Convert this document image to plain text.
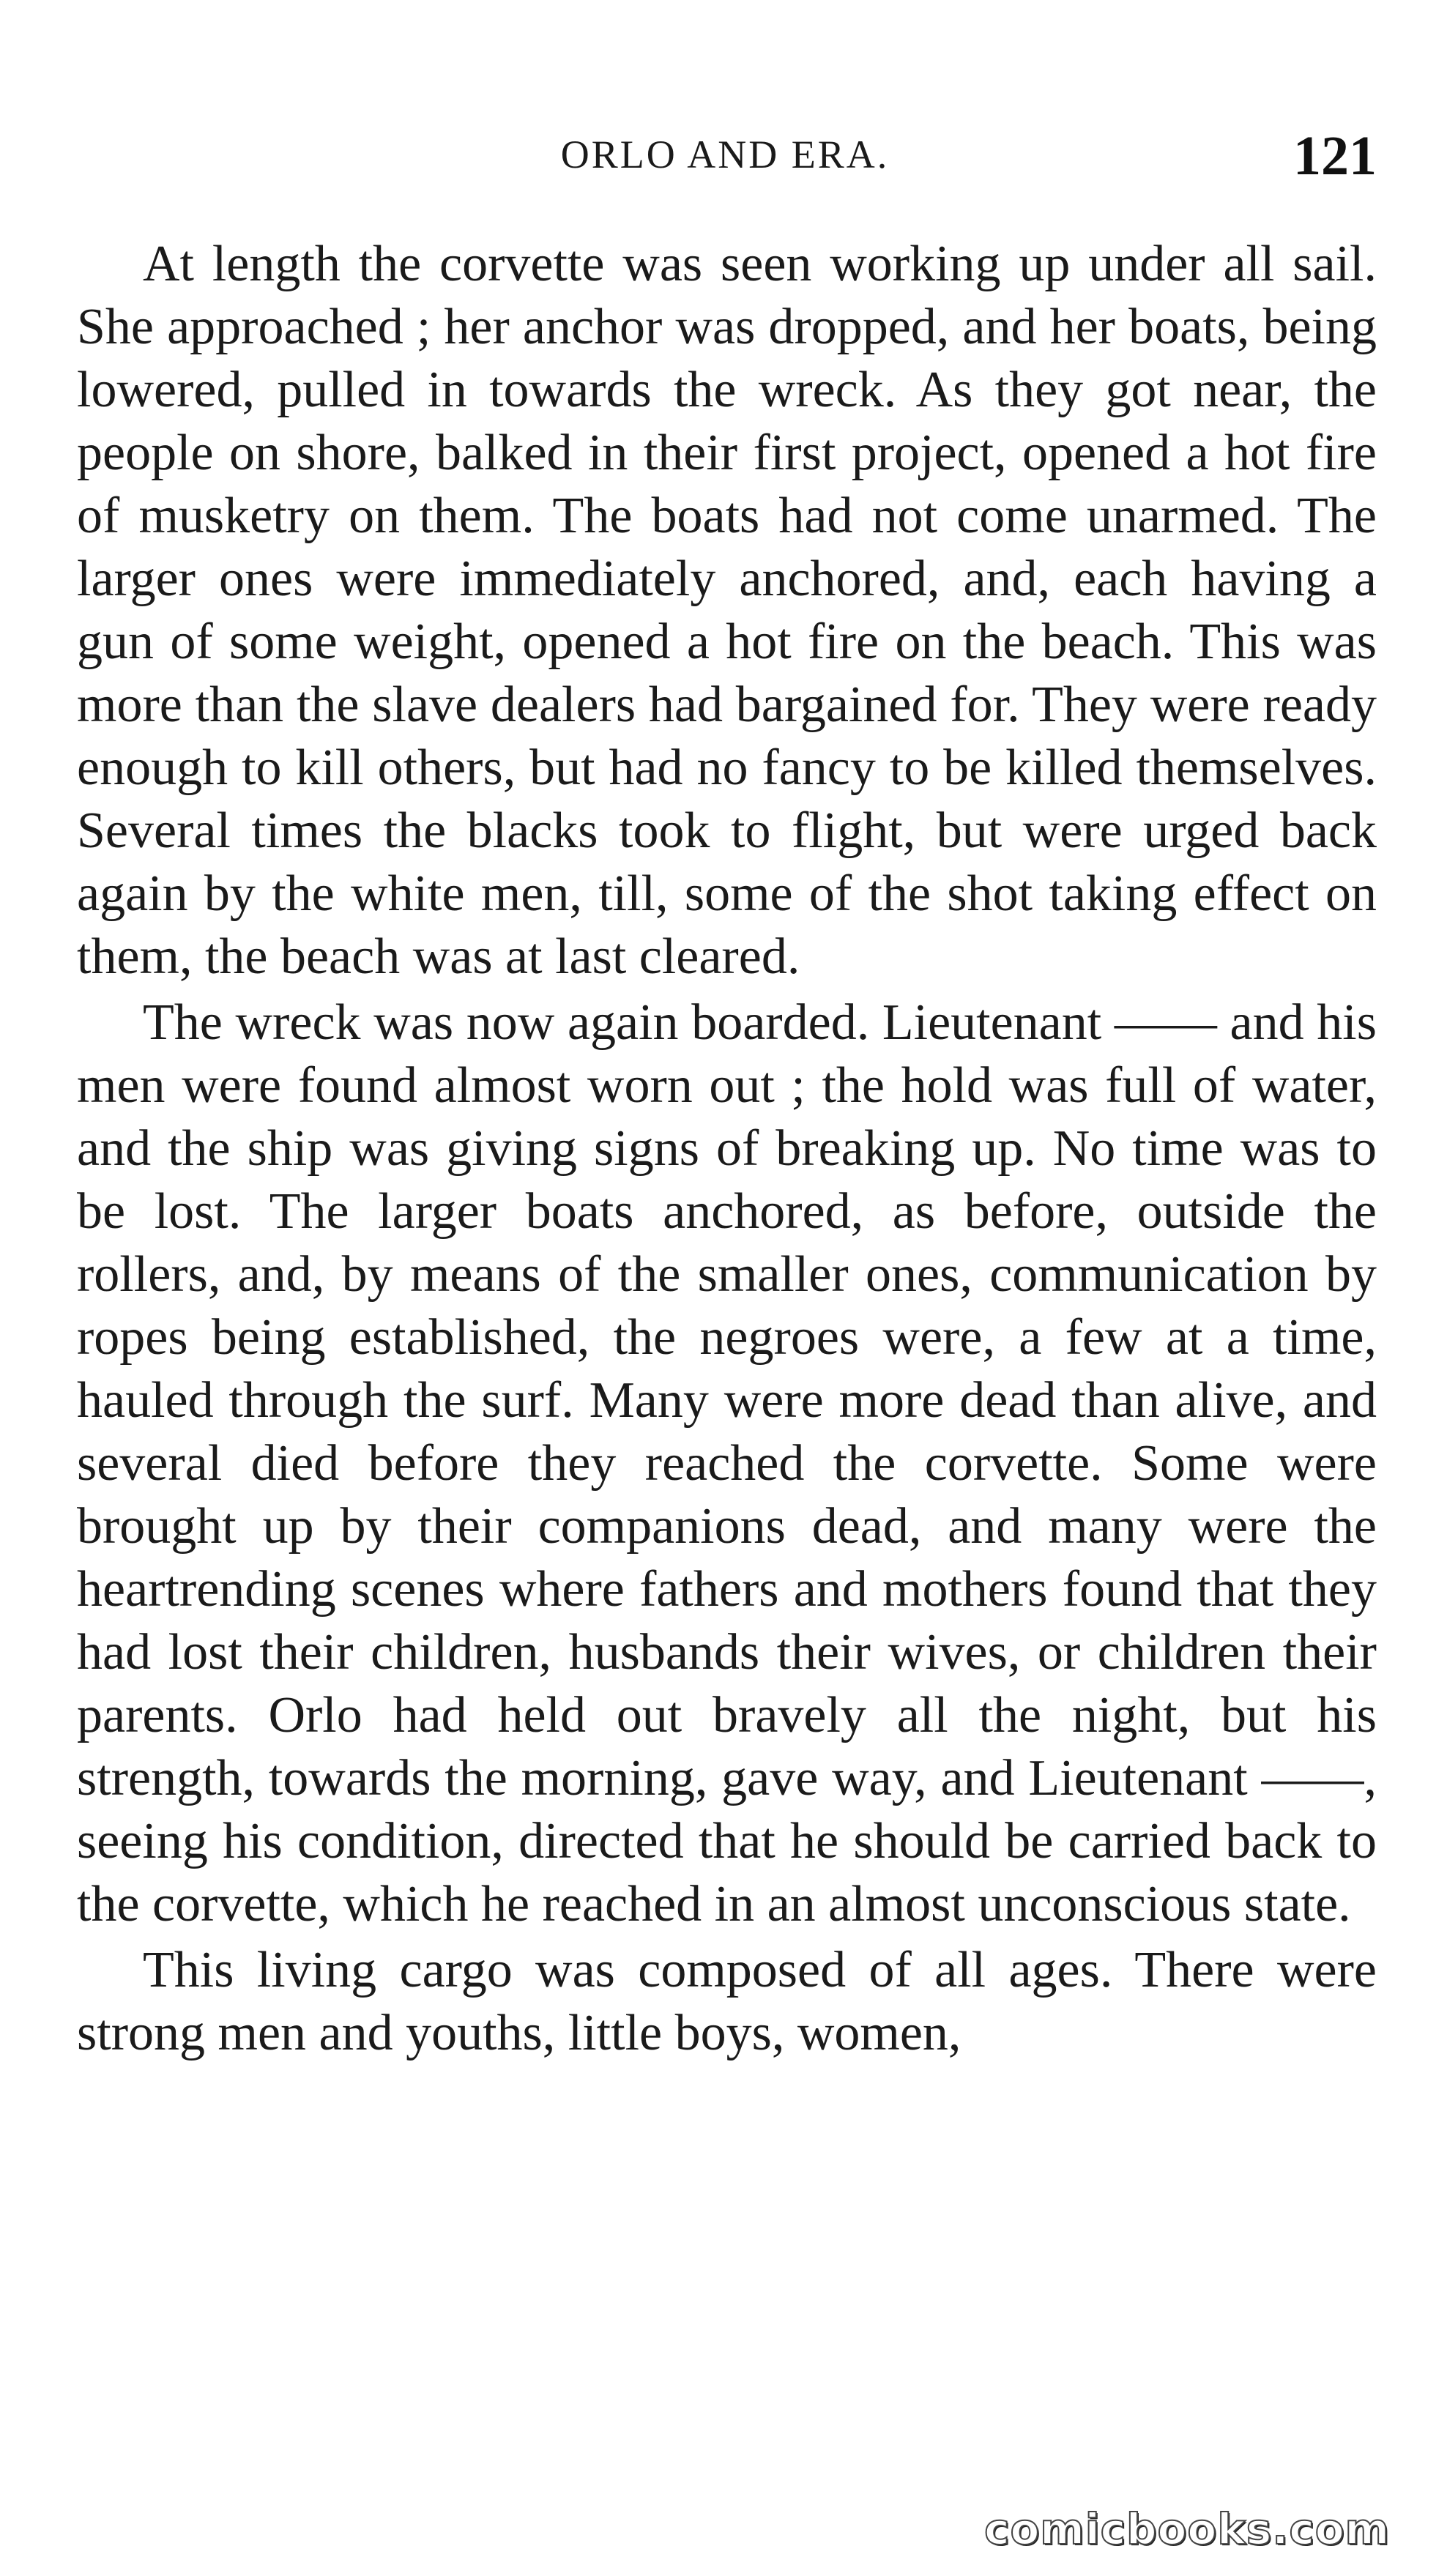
ORLO AND ERA.	121

At length the corvette was seen working up under all sail. She approached ; her anchor was dropped, and her boats, being lowered, pulled in towards the wreck. As they got near, the people on shore, balked in their first project, opened a hot fire of musketry on them. The boats had not come unarmed. The larger ones were immediately anchored, and, each having a gun of some weight, opened a hot fire on the beach. This was more than the slave dealers had bargained for. They were ready enough to kill others, but had no fancy to be killed themselves. Several times the blacks took to flight, but were urged back again by the white men, till, some of the shot taking effect on them, the beach was at last cleared.

The wreck was now again boarded. Lieutenant —— and his men were found almost worn out ; the hold was full of water, and the ship was giving signs of breaking up. No time was to be lost. The larger boats anchored, as before, outside the rollers, and, by means of the smaller ones, communication by ropes being established, the negroes were, a few at a time, hauled through the surf. Many were more dead than alive, and several died before they reached the corvette. Some were brought up by their companions dead, and many were the heartrending scenes where fathers and mothers found that they had lost their children, husbands their wives, or children their parents. Orlo had held out bravely all the night, but his strength, towards the morning, gave way, and Lieutenant ——, seeing his condition, directed that he should be carried back to the corvette, which he reached in an almost unconscious state.

This living cargo was composed of all ages. There were strong men and youths, little boys, women,

comicbooks.com
